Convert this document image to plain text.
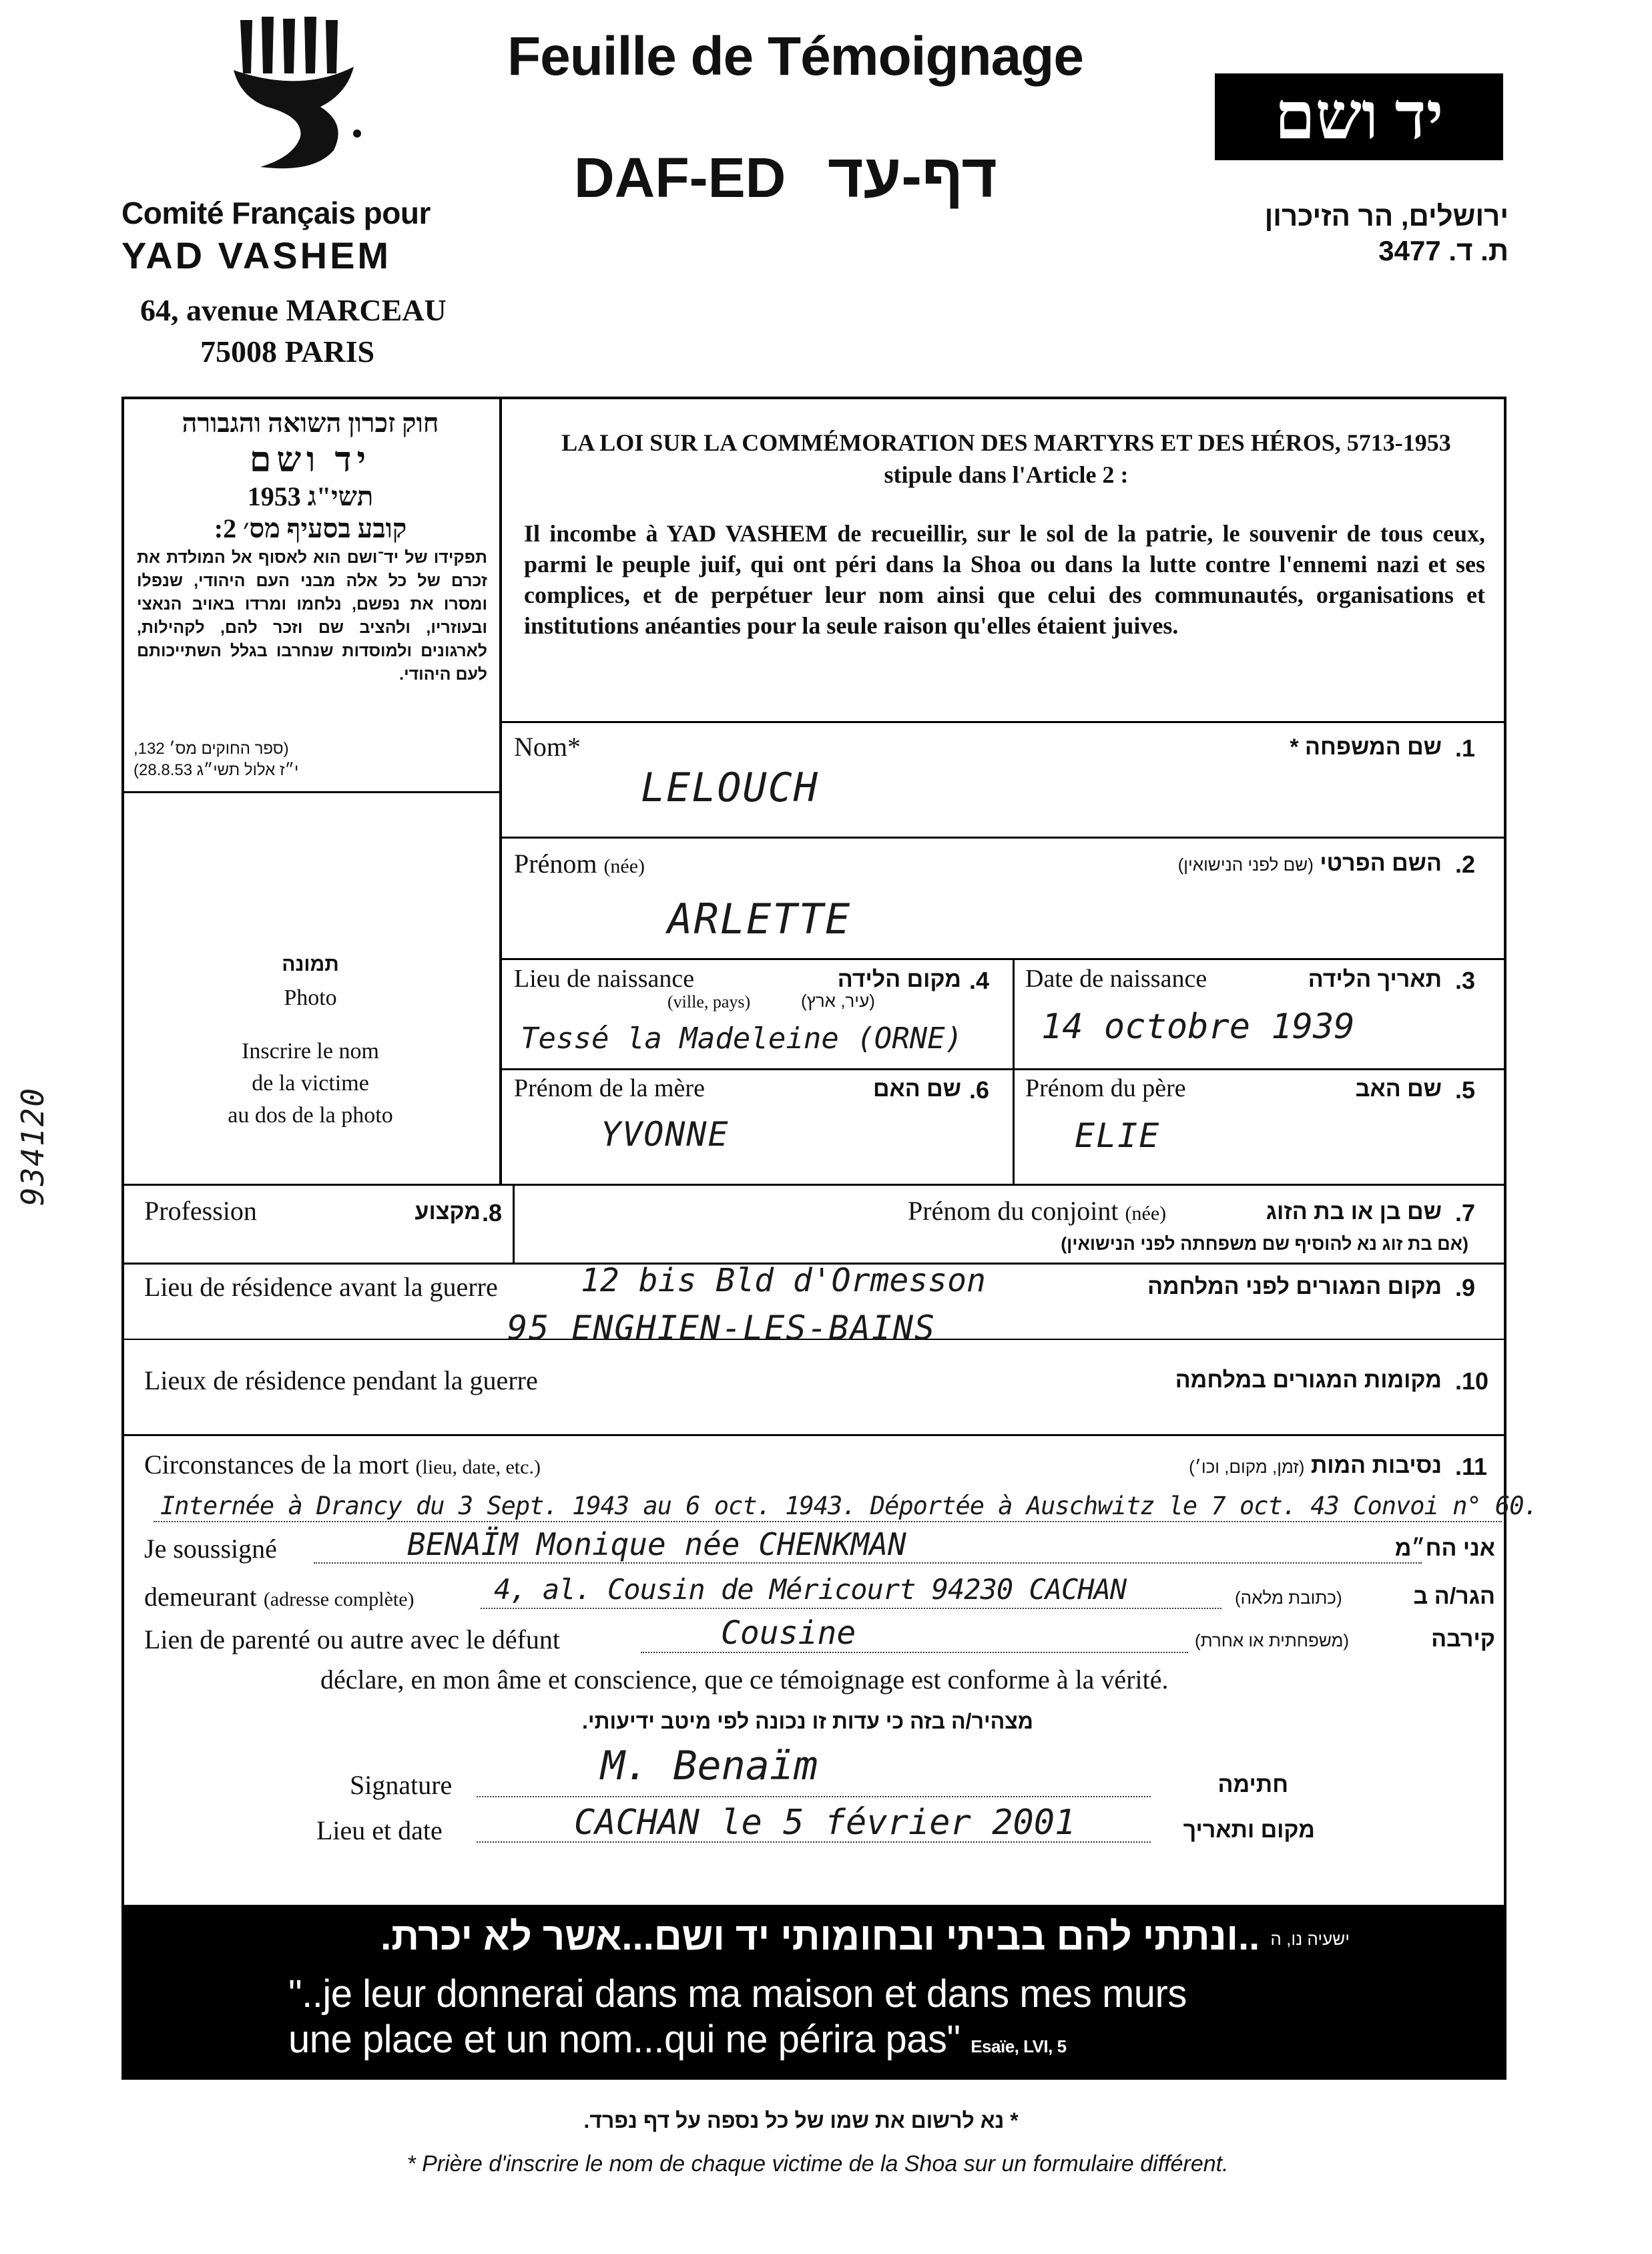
Comité Français pour
YAD VASHEM
64, avenue MARCEAU
75008 PARIS
Feuille de Témoignage
DAF-ED דף-עד
יד ושם
ירושלים, הר הזיכרון
ת. ד. 3477
חוק זכרון השואה והגבורה
יד ושם
תשי"ג 1953
קובע בסעיף מס׳ 2:
תפקידו של יד־ושם הוא לאסוף אל המולדת את זכרם של כל אלה מבני העם היהודי, שנפלו ומסרו את נפשם, נלחמו ומרדו באויב הנאצי ובעוזריו, ולהציב שם וזכר להם, לקהילות, לארגונים ולמוסדות שנחרבו בגלל השתייכותם לעם היהודי.
(ספר החוקים מס׳ 132,
י״ז אלול תשי״ג 28.8.53)
תמונה
Photo
Inscrire le nom
de la victime
au dos de la photo
934120
LA LOI SUR LA COMMÉMORATION DES MARTYRS ET DES HÉROS, 5713-1953
stipule dans l'Article 2 :
Il incombe à YAD VASHEM de recueillir, sur le sol de la patrie, le souvenir de tous ceux, parmi le peuple juif, qui ont péri dans la Shoa ou dans la lutte contre l'ennemi nazi et ses complices, et de perpétuer leur nom ainsi que celui des communautés, organisations et institutions anéanties pour la seule raison qu'elles étaient juives.
Nom*	שם המשפחה * .1
LELOUCH
Prénom (née)	השם הפרטי (שם לפני הנישואין)	.2
ARLETTE
Lieu de naissance	מקום הלידה .4
(ville, pays)	(עיר, ארץ)
Tessé la Madeleine (ORNE)
Date de naissance	תאריך הלידה .3
14 octobre 1939
Prénom de la mère	שם האם .6
YVONNE
Prénom du père	שם האב .5
ELIE
Profession	מקצוע .8	Prénom du conjoint (née)	שם בן או בת הזוג .7
(אם בת זוג נא להוסיף שם משפחתה לפני הנישואין)
Lieu de résidence avant la guerre	מקום המגורים לפני המלחמה .9
12 bis Bld d'Ormesson
95 ENGHIEN-LES-BAINS
Lieux de résidence pendant la guerre	מקומות המגורים במלחמה .10
Circonstances de la mort (lieu, date, etc.)	נסיבות המות (זמן, מקום, וכו׳)	.11
Internée à Drancy du 3 Sept. 1943 au 6 oct. 1943. Déportée à Auschwitz le 7 oct. 43 Convoi n° 60.
Je soussigné	BENAÏM Monique née CHENKMAN	אני הח״מ
demeurant (adresse complète)	4, al. Cousin de Méricourt 94230 CACHAN	(כתובת מלאה)	הגר/ה ב
Lien de parenté ou autre avec le défunt	Cousine	(משפחתית או אחרת)	קירבה
déclare, en mon âme et conscience, que ce témoignage est conforme à la vérité.
מצהיר/ה בזה כי עדות זו נכונה לפי מיטב ידיעותי.
Signature	M. Benaïm	חתימה
Lieu et date	CACHAN le 5 février 2001	מקום ותאריך
ישעיה נו, ה ..ונתתי להם בביתי ובחומותי יד ושם...אשר לא יכרת.
"..je leur donnerai dans ma maison et dans mes murs
une place et un nom...qui ne périra pas" Esaïe, LVI, 5
* נא לרשום את שמו של כל נספה על דף נפרד.
* Prière d'inscrire le nom de chaque victime de la Shoa sur un formulaire différent.
